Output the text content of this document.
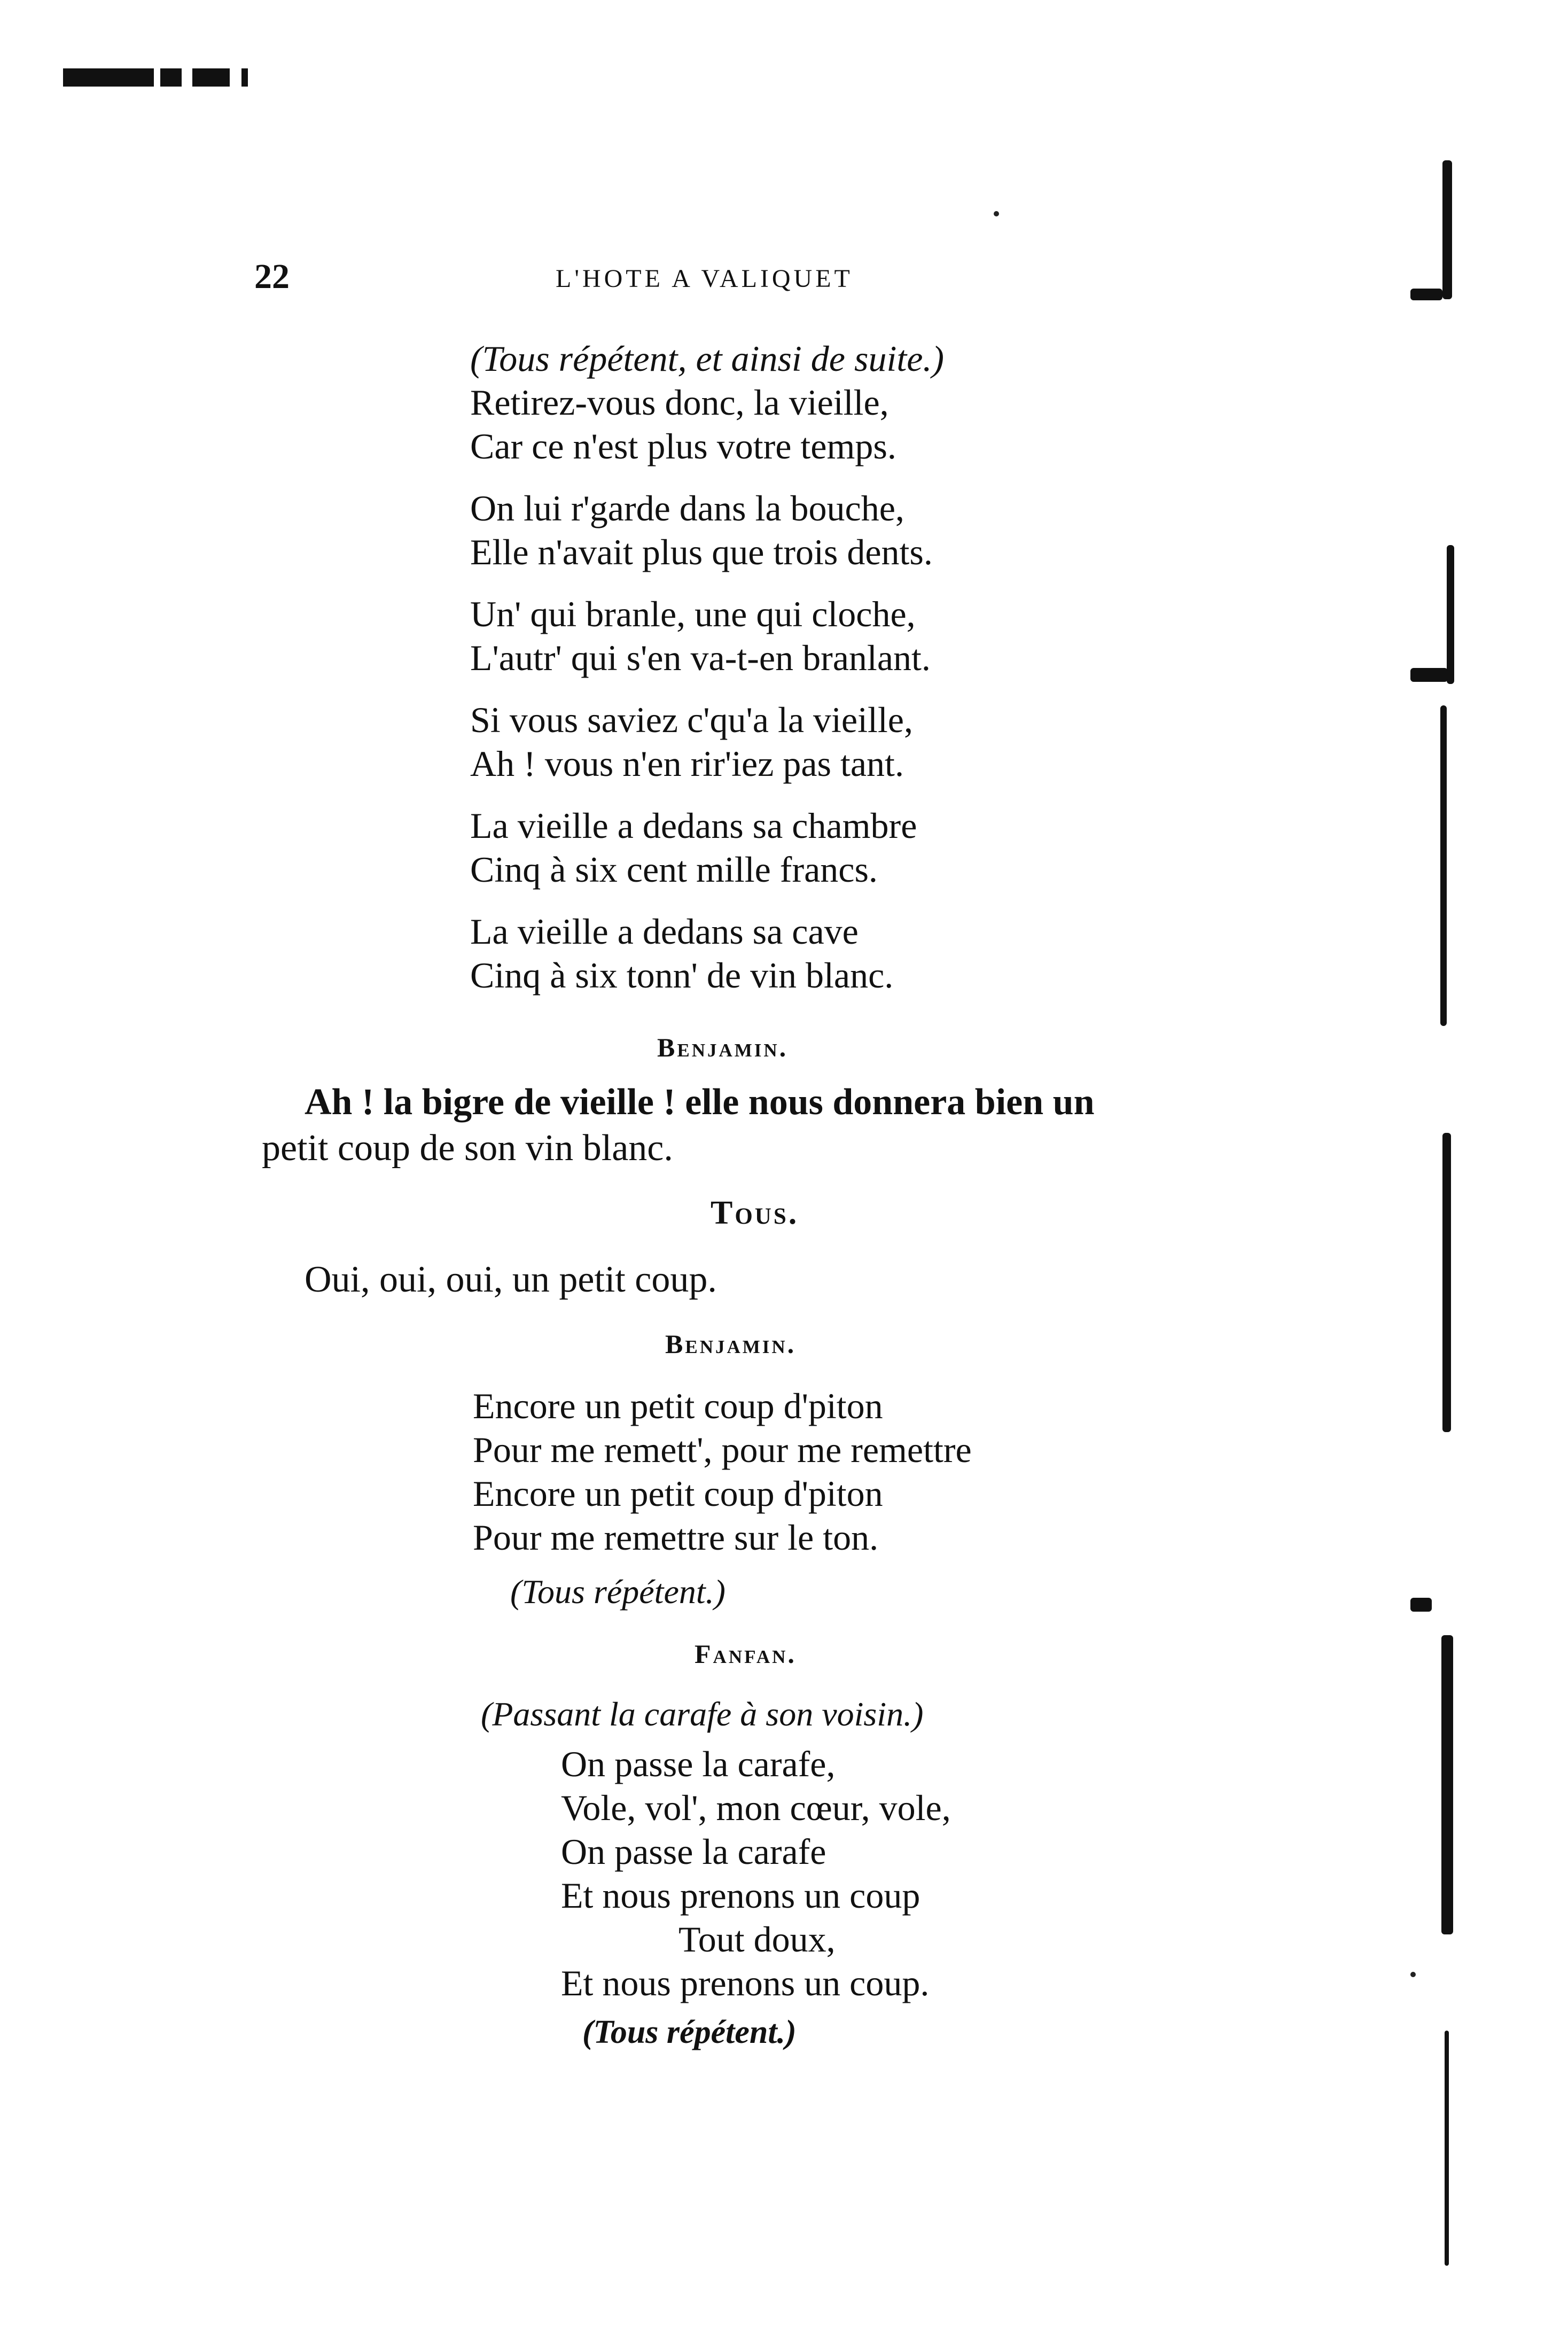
22	L'HOTE A VALIQUET
(Tous répétent, et ainsi de suite.)
Retirez-vous donc, la vieille,
Car ce n'est plus votre temps.
On lui r'garde dans la bouche,
Elle n'avait plus que trois dents.
Un' qui branle, une qui cloche,
L'autr' qui s'en va-t-en branlant.
Si vous saviez c'qu'a la vieille,
Ah ! vous n'en rir'iez pas tant.
La vieille a dedans sa chambre
Cinq à six cent mille francs.
La vieille a dedans sa cave
Cinq à six tonn' de vin blanc.
Benjamin.
Ah ! la bigre de vieille ! elle nous donnera bien un
petit coup de son vin blanc.
Tous.
Oui, oui, oui, un petit coup.
Benjamin.
Encore un petit coup d'piton
Pour me remett', pour me remettre
Encore un petit coup d'piton
Pour me remettre sur le ton.
(Tous répétent.)
Fanfan.
(Passant la carafe à son voisin.)
On passe la carafe,
Vole, vol', mon cœur, vole,
On passe la carafe
Et nous prenons un coup
Tout doux,
Et nous prenons un coup.
(Tous répétent.)
